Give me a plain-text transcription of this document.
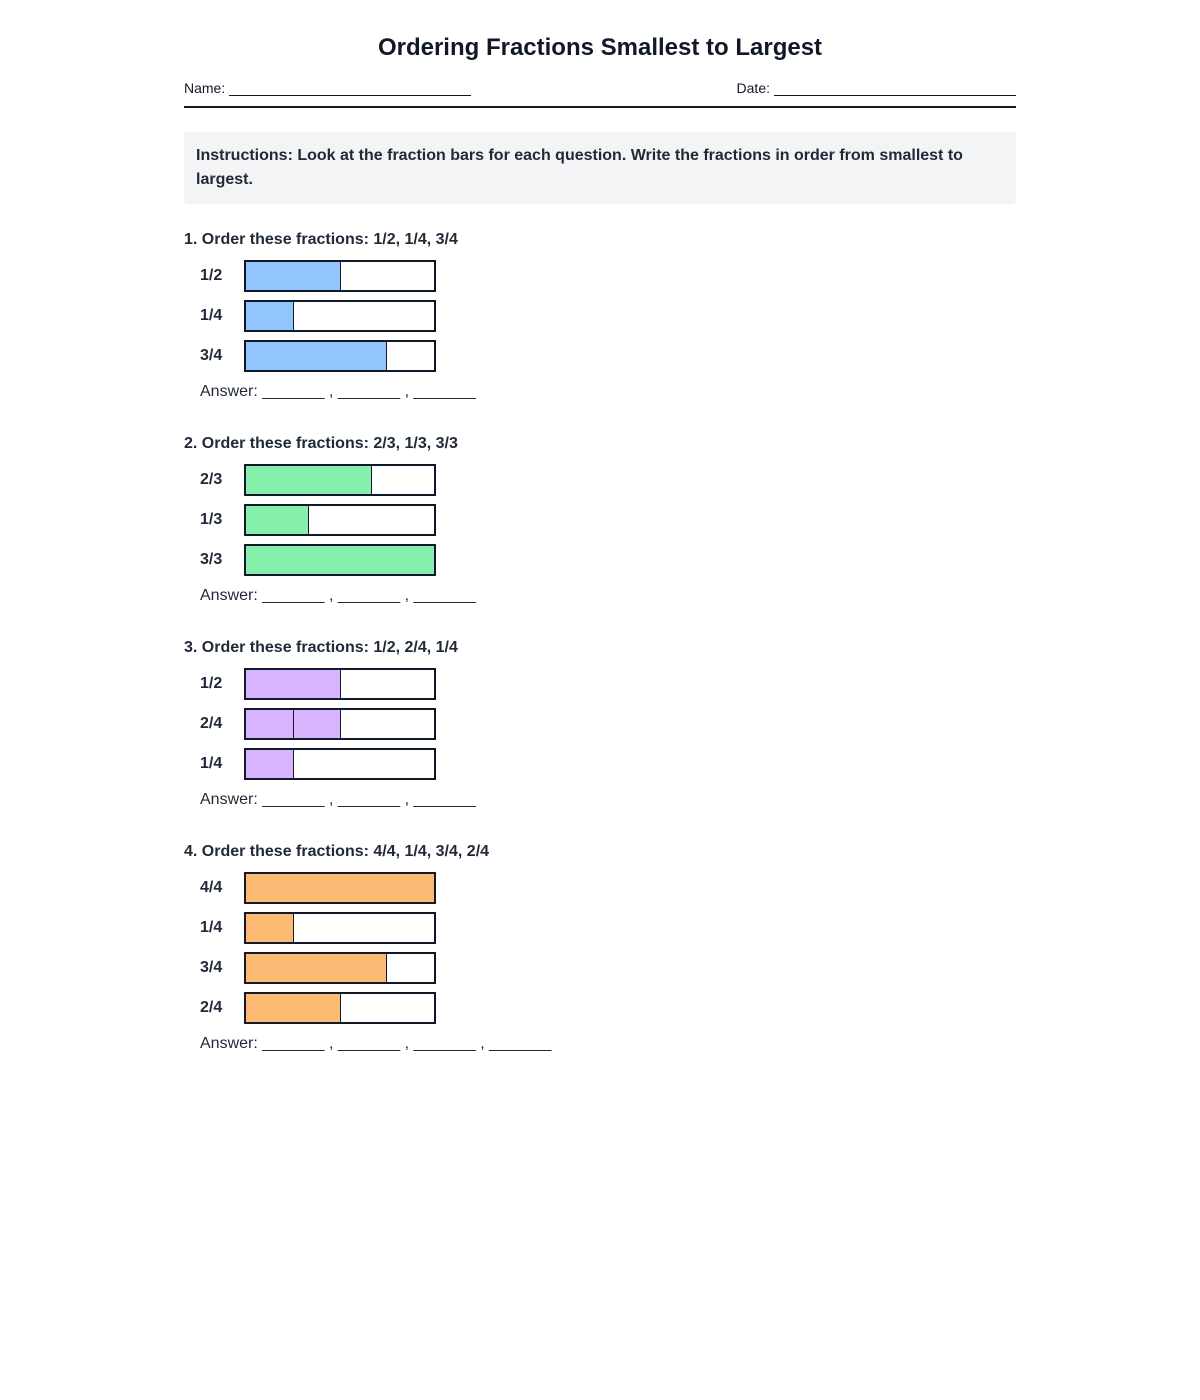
Ordering Fractions Smallest to Largest
Name:	Date:
Instructions: Look at the fraction bars for each question. Write the fractions in order from smallest to largest.
1. Order these fractions: 1/2, 1/4, 3/4
1/2
1/4
3/4
Answer: _______ , _______ , _______
2. Order these fractions: 2/3, 1/3, 3/3
2/3
1/3
3/3
Answer: _______ , _______ , _______
3. Order these fractions: 1/2, 2/4, 1/4
1/2
2/4
1/4
Answer: _______ , _______ , _______
4. Order these fractions: 4/4, 1/4, 3/4, 2/4
4/4
1/4
3/4
2/4
Answer: _______ , _______ , _______ , _______
